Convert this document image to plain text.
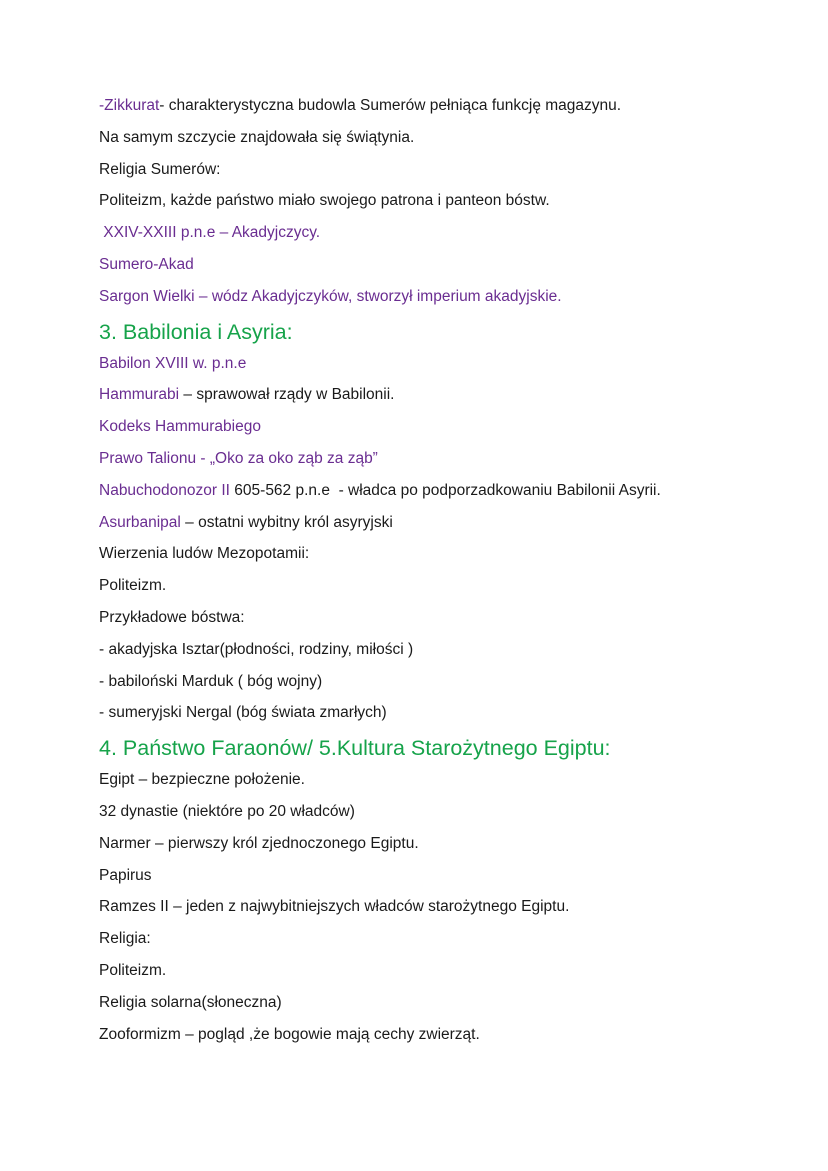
-Zikkurat- charakterystyczna budowla Sumerów pełniąca funkcję magazynu.
Na samym szczycie znajdowała się świątynia.
Religia Sumerów:
Politeizm, każde państwo miało swojego patrona i panteon bóstw.
XXIV-XXIII p.n.e – Akadyjczycy.
Sumero-Akad
Sargon Wielki – wódz Akadyjczyków, stworzył imperium akadyjskie.
3. Babilonia i Asyria:
Babilon XVIII w. p.n.e
Hammurabi – sprawował rządy w Babilonii.
Kodeks Hammurabiego
Prawo Talionu - „Oko za oko ząb za ząb”
Nabuchodonozor II 605-562 p.n.e  - władca po podporzadkowaniu Babilonii Asyrii.
Asurbanipal – ostatni wybitny król asyryjski
Wierzenia ludów Mezopotamii:
Politeizm.
Przykładowe bóstwa:
- akadyjska Isztar(płodności, rodziny, miłości )
- babiloński Marduk ( bóg wojny)
- sumeryjski Nergal (bóg świata zmarłych)
4. Państwo Faraonów/ 5.Kultura Starożytnego Egiptu:
Egipt – bezpieczne położenie.
32 dynastie (niektóre po 20 władców)
Narmer – pierwszy król zjednoczonego Egiptu.
Papirus
Ramzes II – jeden z najwybitniejszych władców starożytnego Egiptu.
Religia:
Politeizm.
Religia solarna(słoneczna)
Zooformizm – pogląd ,że bogowie mają cechy zwierząt.
